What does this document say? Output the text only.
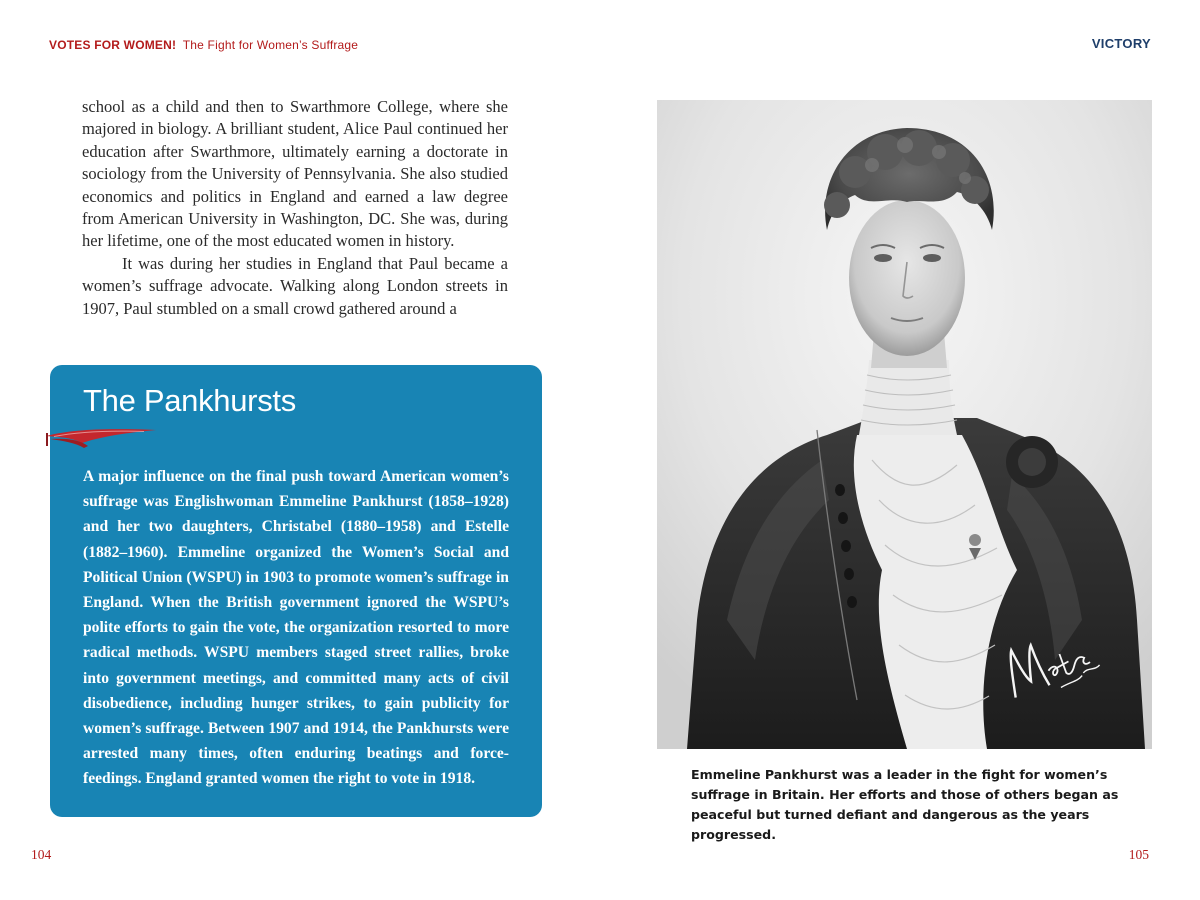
VOTES FOR WOMEN! The Fight for Women’s Suffrage

school as a child and then to Swarthmore College, where she majored in biology. A brilliant student, Alice Paul continued her education after Swarthmore, ultimately earning a doctorate in sociology from the University of Pennsylvania. She also studied economics and politics in England and earned a law degree from American University in Washington, DC. She was, during her lifetime, one of the most educated women in history.

It was during her studies in England that Paul became a women’s suffrage advocate. Walking along London streets in 1907, Paul stumbled on a small crowd gathered around a

The Pankhursts

A major influence on the final push toward American women’s suffrage was Englishwoman Emmeline Pankhurst (1858–1928) and her two daughters, Christabel (1880–1958) and Estelle (1882–1960). Emmeline organized the Women’s Social and Political Union (WSPU) in 1903 to promote women’s suffrage in England. When the British government ignored the WSPU’s polite efforts to gain the vote, the organization resorted to more radical methods. WSPU members staged street rallies, broke into government meetings, and committed many acts of civil disobedience, including hunger strikes, to gain publicity for women’s suffrage. Between 1907 and 1914, the Pankhursts were arrested many times, often enduring beatings and force-feedings. England granted women the right to vote in 1918.

104
VICTORY

Emmeline Pankhurst was a leader in the fight for women’s suffrage in Britain. Her efforts and those of others began as peaceful but turned defiant and dangerous as the years progressed.

105
